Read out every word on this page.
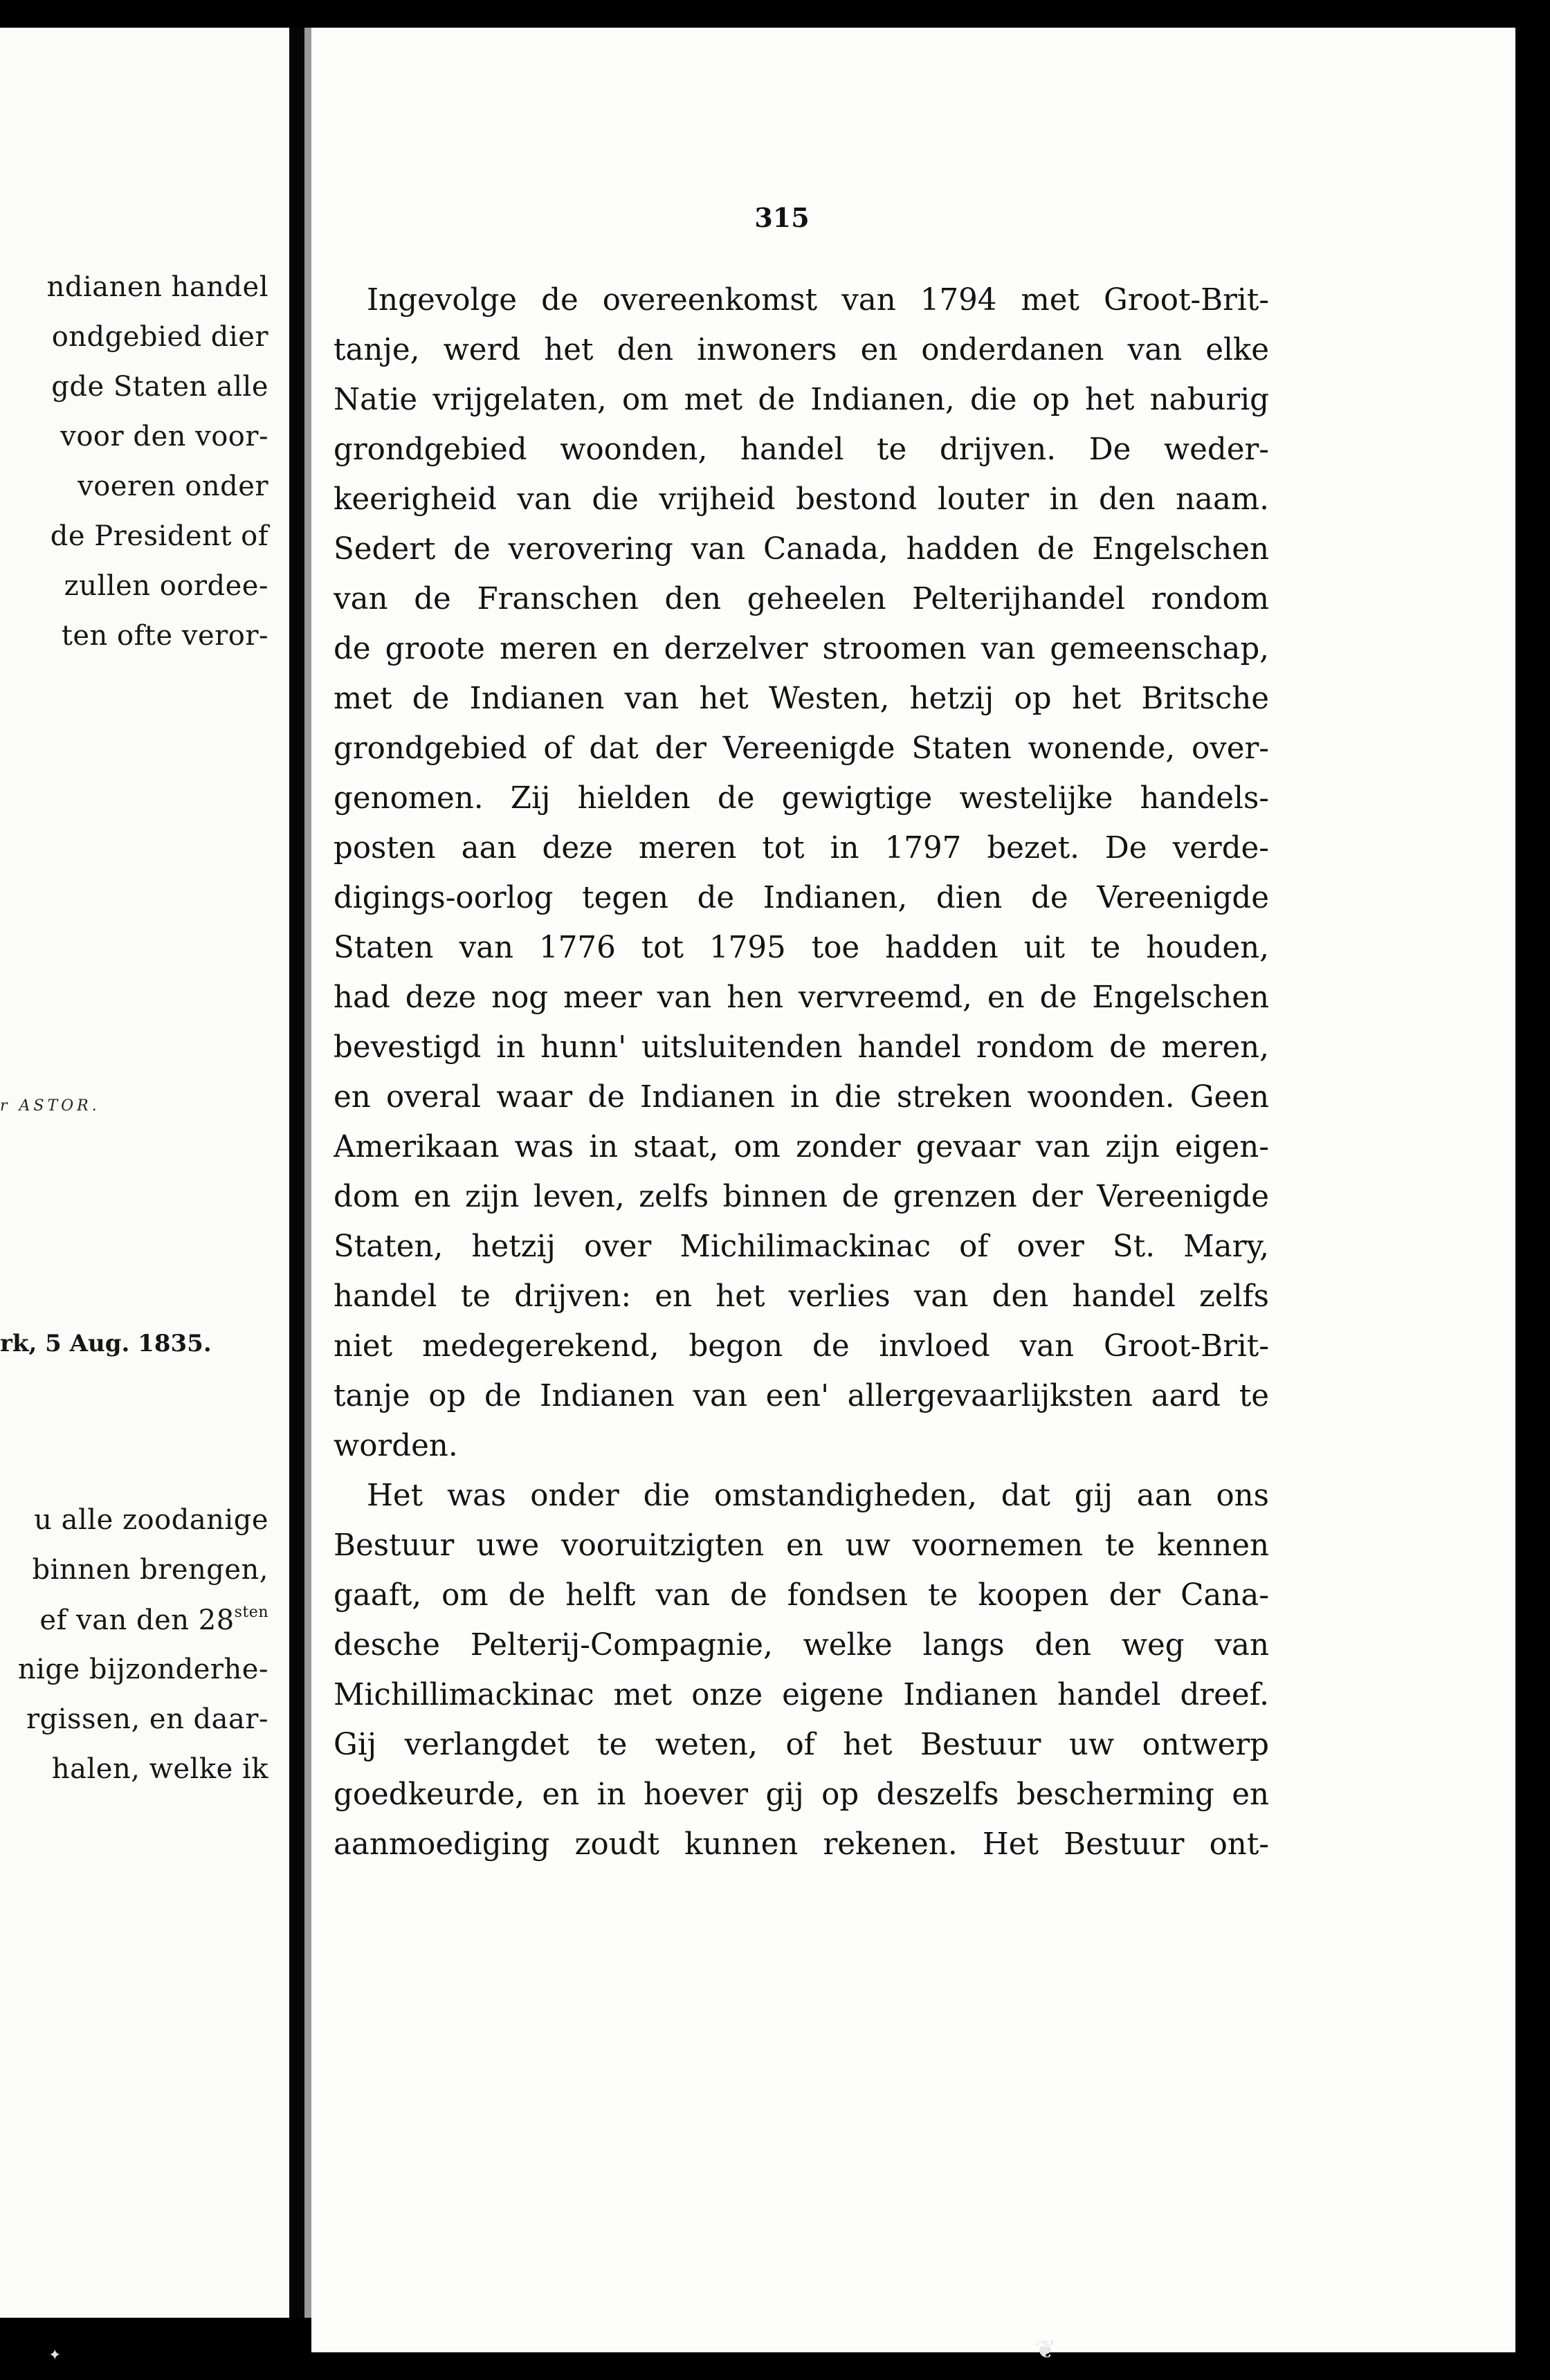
ndianen handel
ondgebied dier
gde Staten alle
voor den voor-
voeren onder
de President of
zullen oordee-
ten ofte veror-
r ASTOR.
rk, 5 Aug. 1835.
u alle zoodanige
binnen brengen,
ef van den $28^{sten}$
nige bijzonderhe-
rgissen, en daar-
halen, welke ik
315
Ingevolge de overeenkomst van 1794 met Groot-Brit-
tanje, werd het den inwoners en onderdanen van elke
Natie vrijgelaten, om met de Indianen, die op het naburig
grondgebied woonden, handel te drijven. De weder-
keerigheid van die vrijheid bestond louter in den naam.
Sedert de verovering van Canada, hadden de Engelschen
van de Franschen den geheelen Pelterijhandel rondom
de groote meren en derzelver stroomen van gemeenschap,
met de Indianen van het Westen, hetzij op het Britsche
grondgebied of dat der Vereenigde Staten wonende, over-
genomen. Zij hielden de gewigtige westelijke handels-
posten aan deze meren tot in 1797 bezet. De verde-
digings-oorlog tegen de Indianen, dien de Vereenigde
Staten van 1776 tot 1795 toe hadden uit te houden,
had deze nog meer van hen vervreemd, en de Engelschen
bevestigd in hunn' uitsluitenden handel rondom de meren,
en overal waar de Indianen in die streken woonden. Geen
Amerikaan was in staat, om zonder gevaar van zijn eigen-
dom en zijn leven, zelfs binnen de grenzen der Vereenigde
Staten, hetzij over Michilimackinac of over St. Mary,
handel te drijven: en het verlies van den handel zelfs
niet medegerekend, begon de invloed van Groot-Brit-
tanje op de Indianen van een' allergevaarlijksten aard te
worden.
Het was onder die omstandigheden, dat gij aan ons
Bestuur uwe vooruitzigten en uw voornemen te kennen
gaaft, om de helft van de fondsen te koopen der Cana-
desche Pelterij-Compagnie, welke langs den weg van
Michillimackinac met onze eigene Indianen handel dreef.
Gij verlangdet te weten, of het Bestuur uw ontwerp
goedkeurde, en in hoever gij op deszelfs bescherming en
aanmoediging zoudt kunnen rekenen. Het Bestuur ont-
✦	❦
